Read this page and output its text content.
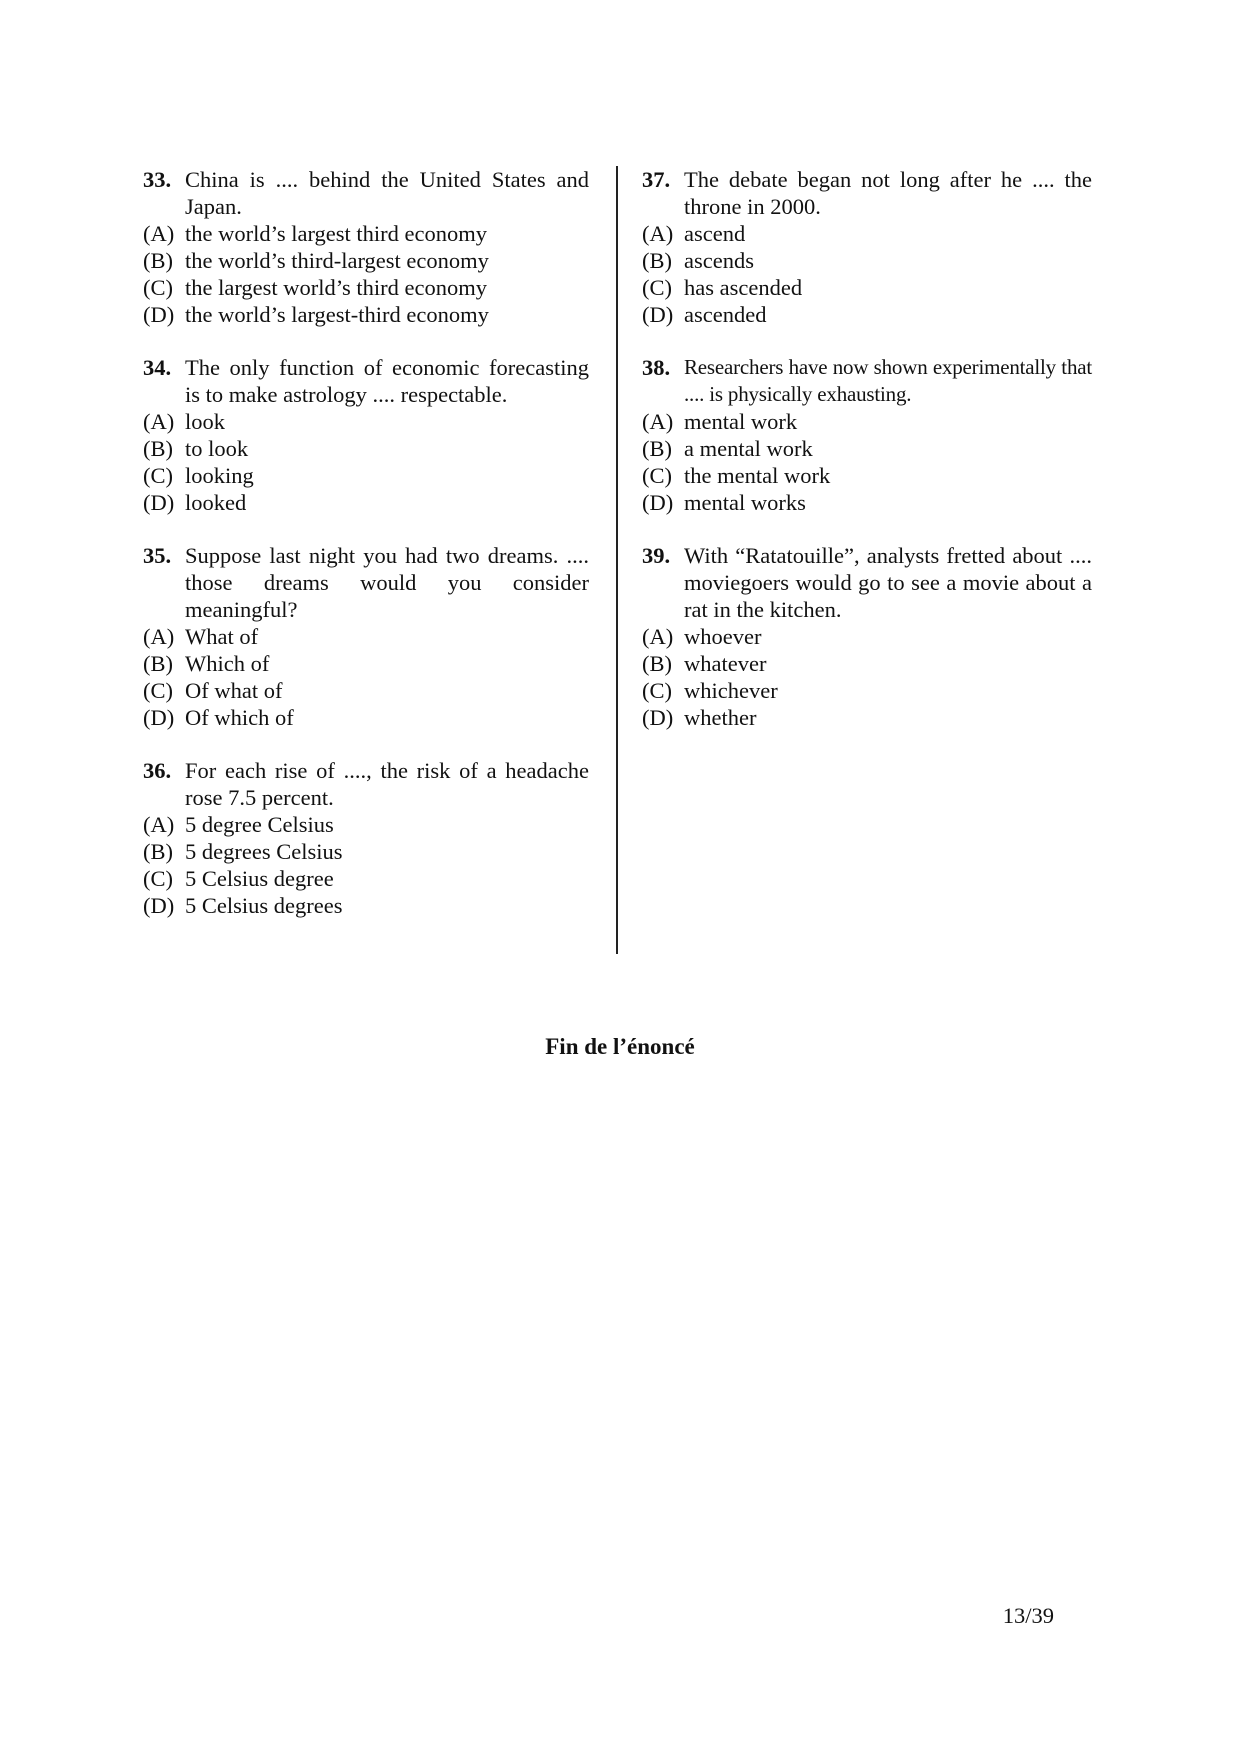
33. China is .... behind the United States and Japan.
(A) the world’s largest third economy
(B) the world’s third-largest economy
(C) the largest world’s third economy
(D) the world’s largest-third economy
34. The only function of economic forecasting is to make astrology .... respectable.
(A) look
(B) to look
(C) looking
(D) looked
35. Suppose last night you had two dreams. .... those dreams would you consider meaningful?
(A) What of
(B) Which of
(C) Of what of
(D) Of which of
36. For each rise of ...., the risk of a headache rose 7.5 percent.
(A) 5 degree Celsius
(B) 5 degrees Celsius
(C) 5 Celsius degree
(D) 5 Celsius degrees
37. The debate began not long after he .... the throne in 2000.
(A) ascend
(B) ascends
(C) has ascended
(D) ascended
38. Researchers have now shown experimentally that .... is physically exhausting.
(A) mental work
(B) a mental work
(C) the mental work
(D) mental works
39. With “Ratatouille”, analysts fretted about .... moviegoers would go to see a movie about a rat in the kitchen.
(A) whoever
(B) whatever
(C) whichever
(D) whether
Fin de l’énoncé
13/39
